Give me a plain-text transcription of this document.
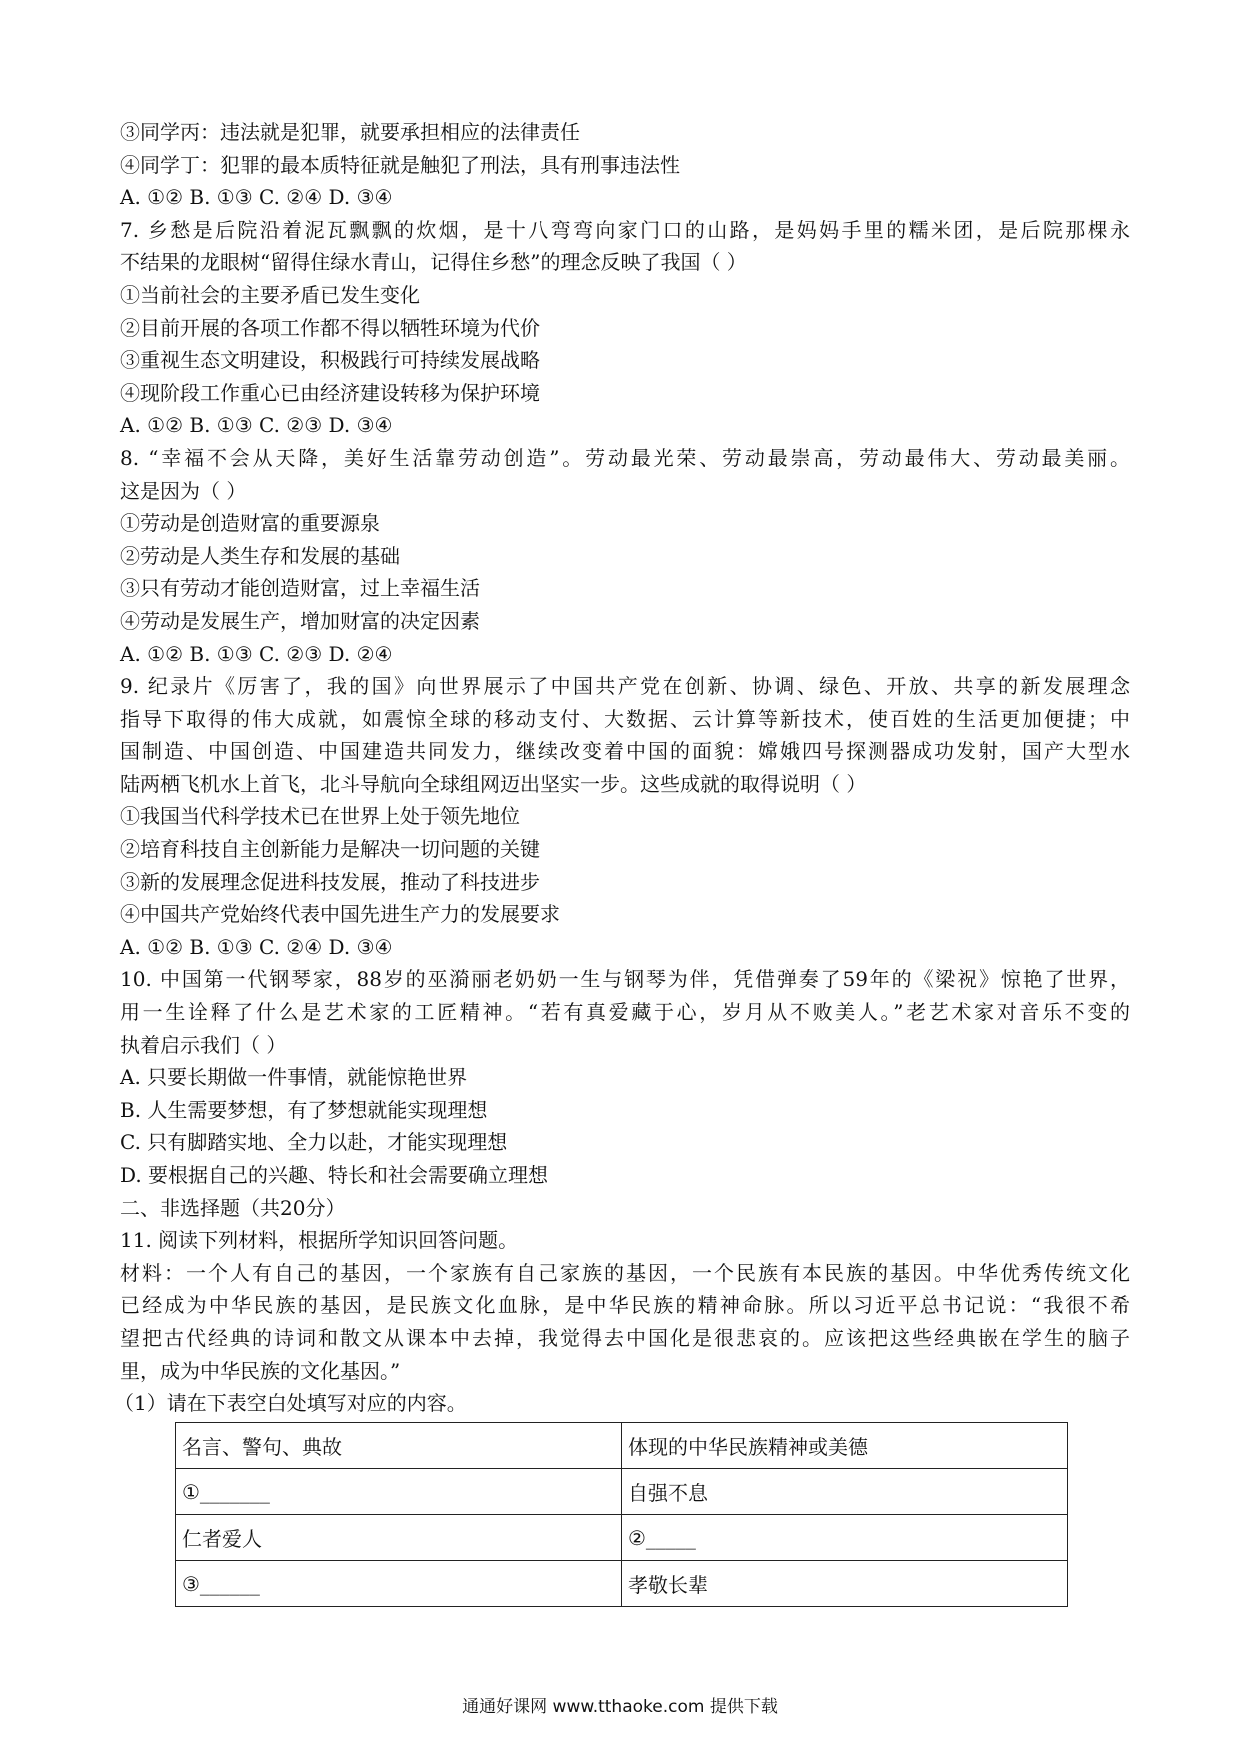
③同学丙：违法就是犯罪，就要承担相应的法律责任
④同学丁：犯罪的最本质特征就是触犯了刑法，具有刑事违法性
A. ①② B. ①③ C. ②④ D. ③④
7. 乡愁是后院沿着泥瓦飘飘的炊烟，是十八弯弯向家门口的山路，是妈妈手里的糯米团，是后院那棵永
不结果的龙眼树“留得住绿水青山，记得住乡愁”的理念反映了我国（ ）
①当前社会的主要矛盾已发生变化
②目前开展的各项工作都不得以牺牲环境为代价
③重视生态文明建设，积极践行可持续发展战略
④现阶段工作重心已由经济建设转移为保护环境
A. ①② B. ①③ C. ②③ D. ③④
8. “幸福不会从天降，美好生活靠劳动创造”。劳动最光荣、劳动最崇高，劳动最伟大、劳动最美丽。
这是因为（ ）
①劳动是创造财富的重要源泉
②劳动是人类生存和发展的基础
③只有劳动才能创造财富，过上幸福生活
④劳动是发展生产，增加财富的决定因素
A. ①② B. ①③ C. ②③ D. ②④
9. 纪录片《厉害了，我的国》向世界展示了中国共产党在创新、协调、绿色、开放、共享的新发展理念
指导下取得的伟大成就，如震惊全球的移动支付、大数据、云计算等新技术，使百姓的生活更加便捷；中
国制造、中国创造、中国建造共同发力，继续改变着中国的面貌：嫦娥四号探测器成功发射，国产大型水
陆两栖飞机水上首飞，北斗导航向全球组网迈出坚实一步。这些成就的取得说明（ ）
①我国当代科学技术已在世界上处于领先地位
②培育科技自主创新能力是解决一切问题的关键
③新的发展理念促进科技发展，推动了科技进步
④中国共产党始终代表中国先进生产力的发展要求
A. ①② B. ①③ C. ②④ D. ③④
10. 中国第一代钢琴家，88岁的巫漪丽老奶奶一生与钢琴为伴，凭借弹奏了59年的《梁祝》惊艳了世界，
用一生诠释了什么是艺术家的工匠精神。“若有真爱藏于心，岁月从不败美人。”老艺术家对音乐不变的
执着启示我们（ ）
A. 只要长期做一件事情，就能惊艳世界
B. 人生需要梦想，有了梦想就能实现理想
C. 只有脚踏实地、全力以赴，才能实现理想
D. 要根据自己的兴趣、特长和社会需要确立理想
二、非选择题（共20分）
11. 阅读下列材料，根据所学知识回答问题。
材料：一个人有自己的基因，一个家族有自己家族的基因，一个民族有本民族的基因。中华优秀传统文化
已经成为中华民族的基因，是民族文化血脉，是中华民族的精神命脉。所以习近平总书记说：“我很不希
望把古代经典的诗词和散文从课本中去掉，我觉得去中国化是很悲哀的。应该把这些经典嵌在学生的脑子
里，成为中华民族的文化基因。”
（1）请在下表空白处填写对应的内容。
名言、警句、典故	体现的中华民族精神或美德
①_______	自强不息
仁者爱人	②_____
③______	孝敬长辈
通通好课网 www.tthaoke.com 提供下载
